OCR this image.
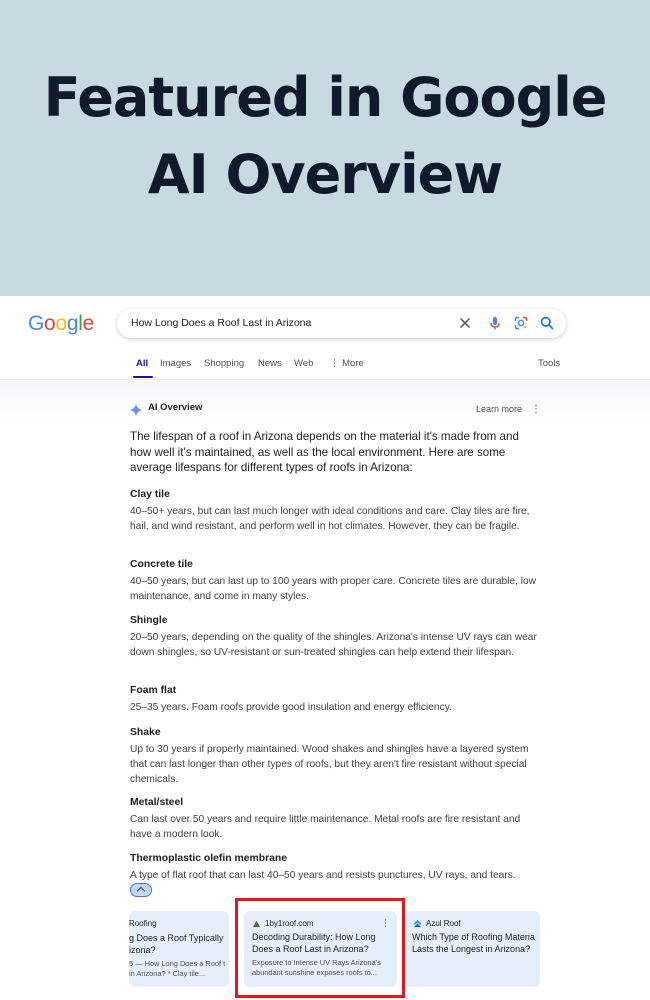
Featured in Google
AI Overview
Google	How Long Does a Roof Last in Arizona
All Images Shopping News Web ⋮ More	Tools
AI Overview	Learn more ⋮

The lifespan of a roof in Arizona depends on the material it's made from and how well it's maintained, as well as the local environment. Here are some average lifespans for different types of roofs in Arizona:

Clay tile

40–50+ years, but can last much longer with ideal conditions and care. Clay tiles are fire, hail, and wind resistant, and perform well in hot climates. However, they can be fragile.

Concrete tile

40–50 years, but can last up to 100 years with proper care. Concrete tiles are durable, low maintenance, and come in many styles.

Shingle

20–50 years, depending on the quality of the shingles. Arizona's intense UV rays can wear down shingles, so UV-resistant or sun-treated shingles can help extend their lifespan.

Foam flat

25–35 years. Foam roofs provide good insulation and energy efficiency.

Shake

Up to 30 years if properly maintained. Wood shakes and shingles have a layered system that can last longer than other types of roofs, but they aren't fire resistant without special chemicals.

Metal/steel

Can last over 50 years and require little maintenance. Metal roofs are fire resistant and have a modern look.

Thermoplastic olefin membrane

A type of flat roof that can last 40–50 years and resists punctures, UV rays, and tears.

Roofing
g Does a Roof Typically izona?
5 — How Long Does a Roof t in Arizona? * Clay tile...
1by1roof.com	⋮
Decoding Durability: How Long Does a Roof Last in Arizona?
Exposure to Intense UV Rays Arizona's abundant sunshine exposes roofs to...
Azul Roof
Which Type of Roofing Materia Lasts the Longest in Arizona?
